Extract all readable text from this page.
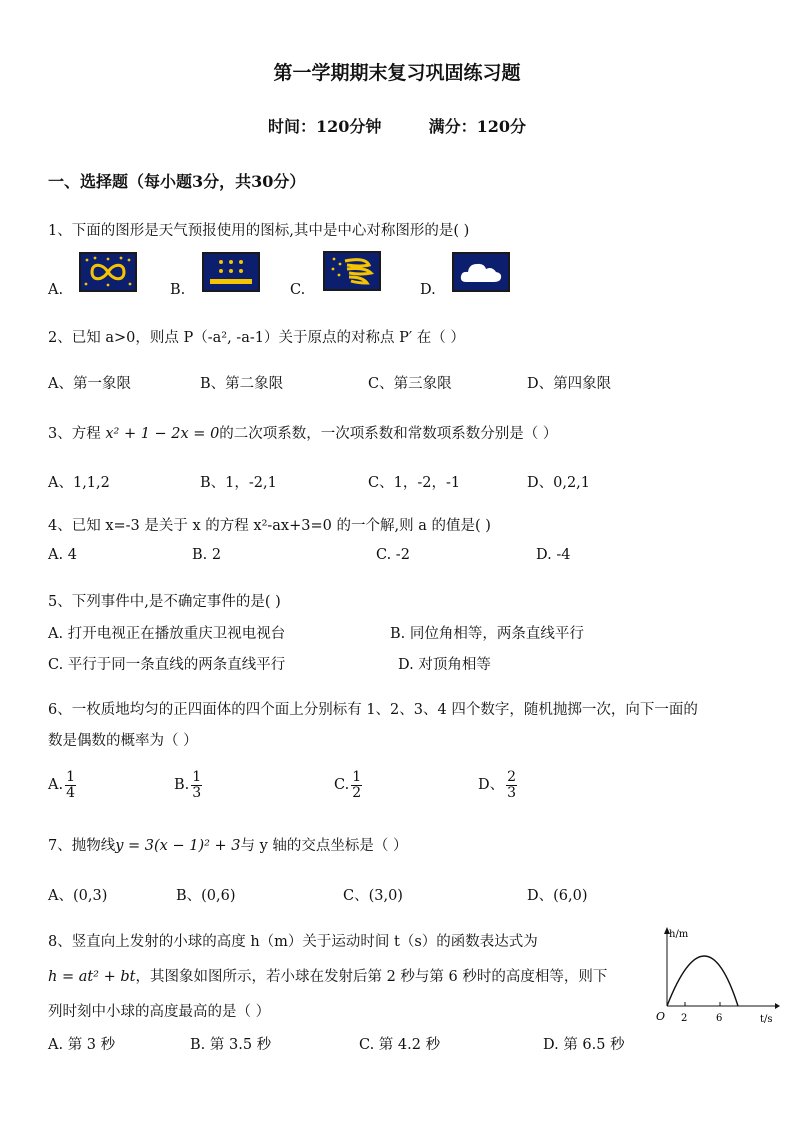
第一学期期末复习巩固练习题
时间：120分钟	满分：120分
一、选择题（每小题3分，共30分）
1、下面的图形是天气预报使用的图标,其中是中心对称图形的是( )
A.	B.	C.	D.
2、已知 a>0，则点 P（-a², -a-1）关于原点的对称点 P′ 在（ ）
A、第一象限	B、第二象限	C、第三象限	D、第四象限
3、方程 x² + 1 − 2x = 0的二次项系数，一次项系数和常数项系数分别是（ ）
A、1,1,2	B、1，-2,1	C、1，-2，-1	D、0,2,1
4、已知 x=-3 是关于 x 的方程 x²-ax+3=0 的一个解,则 a 的值是( )
A. 4	B. 2	C. -2	D. -4
5、下列事件中,是不确定事件的是( )
A. 打开电视正在播放重庆卫视电视台	B. 同位角相等，两条直线平行
C. 平行于同一条直线的两条直线平行	D. 对顶角相等
6、一枚质地均匀的正四面体的四个面上分别标有 1、2、3、4 四个数字，随机抛掷一次，向下一面的
数是偶数的概率为（ ）
A. $\frac{1}{4}$	B. $\frac{1}{3}$	C. $\frac{1}{2}$	D、 $\frac{2}{3}$
7、抛物线y = 3(x − 1)² + 3与 y 轴的交点坐标是（ ）
A、(0,3)	B、(0,6)	C、(3,0)	D、(6,0)
8、竖直向上发射的小球的高度 h（m）关于运动时间 t（s）的函数表达式为
h = at² + bt，其图象如图所示，若小球在发射后第 2 秒与第 6 秒时的高度相等，则下
列时刻中小球的高度最高的是（ ）
A. 第 3 秒	B. 第 3.5 秒	C. 第 4.2 秒	D. 第 6.5 秒
h/m
t/s
O 2	6
